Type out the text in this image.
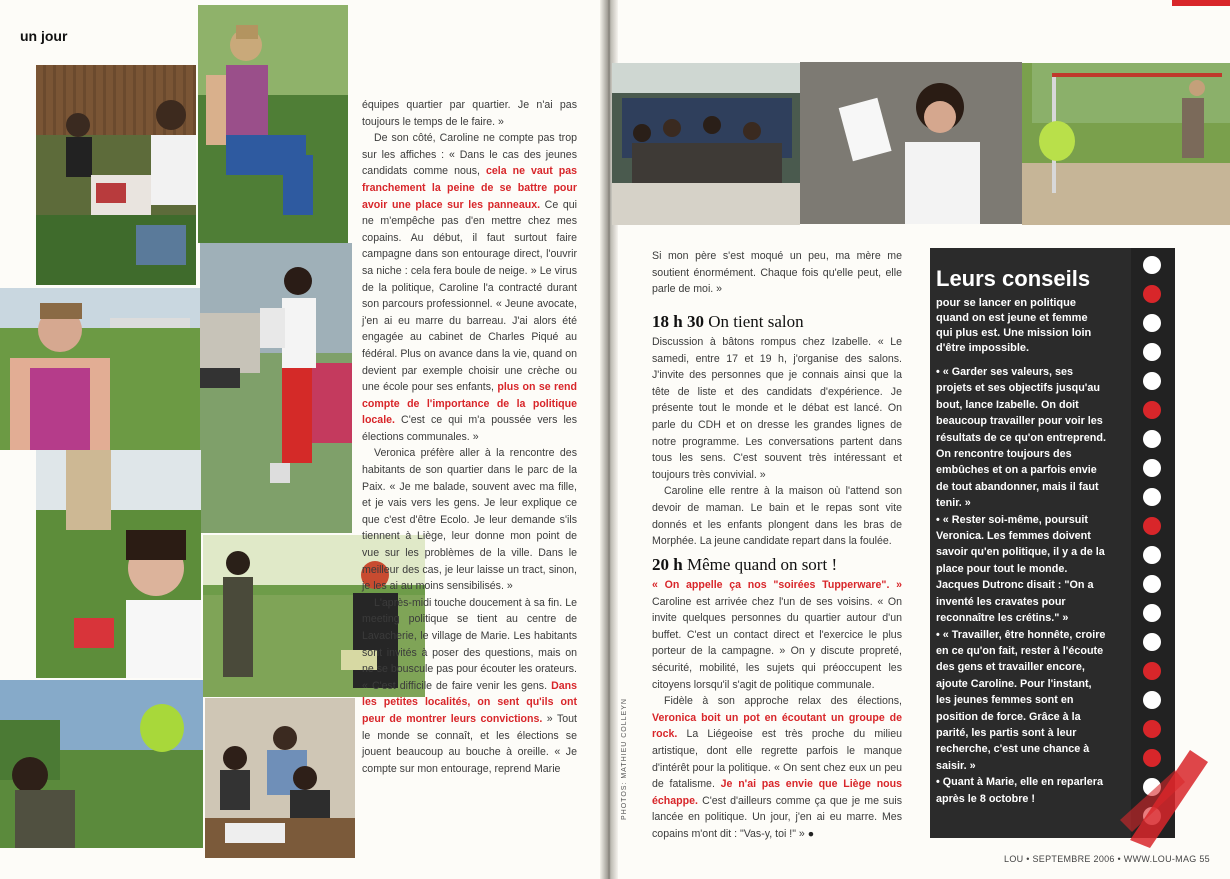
un jour

équipes quartier par quartier. Je n'ai pas toujours le temps de le faire. »

De son côté, Caroline ne compte pas trop sur les affiches : « Dans le cas des jeunes candidats comme nous, cela ne vaut pas franchement la peine de se battre pour avoir une place sur les panneaux. Ce qui ne m'empêche pas d'en mettre chez mes copains. Au début, il faut surtout faire campagne dans son entourage direct, l'ouvrir sa niche : cela fera boule de neige. » Le virus de la politique, Caroline l'a contracté durant son parcours professionnel. « Jeune avocate, j'en ai eu marre du barreau. J'ai alors été engagée au cabinet de Charles Piqué au fédéral. Plus on avance dans la vie, quand on devient par exemple choisir une crèche ou une école pour ses enfants, plus on se rend compte de l'importance de la politique locale. C'est ce qui m'a poussée vers les élections communales. »

Veronica préfère aller à la rencontre des habitants de son quartier dans le parc de la Paix. « Je me balade, souvent avec ma fille, et je vais vers les gens. Je leur explique ce que c'est d'être Ecolo. Je leur demande s'ils tiennent à Liège, leur donne mon point de vue sur les problèmes de la ville. Dans le meilleur des cas, je leur laisse un tract, sinon, je les ai au moins sensibilisés. »

L'après-midi touche doucement à sa fin. Le meeting politique se tient au centre de Lavacherie, le village de Marie. Les habitants sont invités à poser des questions, mais on ne se bouscule pas pour écouter les orateurs. « C'est difficile de faire venir les gens. Dans les petites localités, on sent qu'ils ont peur de montrer leurs convictions. » Tout le monde se connaît, et les élections se jouent beaucoup au bouche à oreille. « Je compte sur mon entourage, reprend Marie

Si mon père s'est moqué un peu, ma mère me soutient énormément. Chaque fois qu'elle peut, elle parle de moi. »

18 h 30 On tient salon

Discussion à bâtons rompus chez Izabelle. « Le samedi, entre 17 et 19 h, j'organise des salons. J'invite des personnes que je connais ainsi que la tête de liste et des candidats d'expérience. Je présente tout le monde et le débat est lancé. On parle du CDH et on dresse les grandes lignes de notre programme. Les conversations partent dans tous les sens. C'est souvent très intéressant et toujours très convivial. »

Caroline elle rentre à la maison où l'attend son devoir de maman. Le bain et le repas sont vite donnés et les enfants plongent dans les bras de Morphée. La jeune candidate repart dans la foulée.

20 h Même quand on sort !

« On appelle ça nos "soirées Tupperware". » Caroline est arrivée chez l'un de ses voisins. « On invite quelques personnes du quartier autour d'un buffet. C'est un contact direct et l'exercice le plus porteur de la campagne. » On y discute propreté, sécurité, mobilité, les sujets qui préoccupent les citoyens lorsqu'il s'agit de politique communale.

Fidèle à son approche relax des élections, Veronica boit un pot en écoutant un groupe de rock. La Liégeoise est très proche du milieu artistique, dont elle regrette parfois le manque d'intérêt pour la politique. « On sent chez eux un peu de fatalisme. Je n'ai pas envie que Liège nous échappe. C'est d'ailleurs comme ça que je me suis lancée en politique. Un jour, j'en ai eu marre. Mes copains m'ont dit : "Vas-y, toi !" » ●

PHOTOS: MATHIEU COLLEYN
Leurs conseils
pour se lancer en politique quand on est jeune et femme qui plus est. Une mission loin d'être impossible.

• « Garder ses valeurs, ses projets et ses objectifs jusqu'au bout, lance Izabelle. On doit beaucoup travailler pour voir les résultats de ce qu'on entreprend. On rencontre toujours des embûches et on a parfois envie de tout abandonner, mais il faut tenir. »

• « Rester soi-même, poursuit Veronica. Les femmes doivent savoir qu'en politique, il y a de la place pour tout le monde. Jacques Dutronc disait : "On a inventé les cravates pour reconnaître les crétins." »

• « Travailler, être honnête, croire en ce qu'on fait, rester à l'écoute des gens et travailler encore, ajoute Caroline. Pour l'instant, les jeunes femmes sont en position de force. Grâce à la parité, les partis sont à leur recherche, c'est une chance à saisir. »

• Quant à Marie, elle en reparlera après le 8 octobre !

LOU • SEPTEMBRE 2006 • WWW.LOU-MAG 55
